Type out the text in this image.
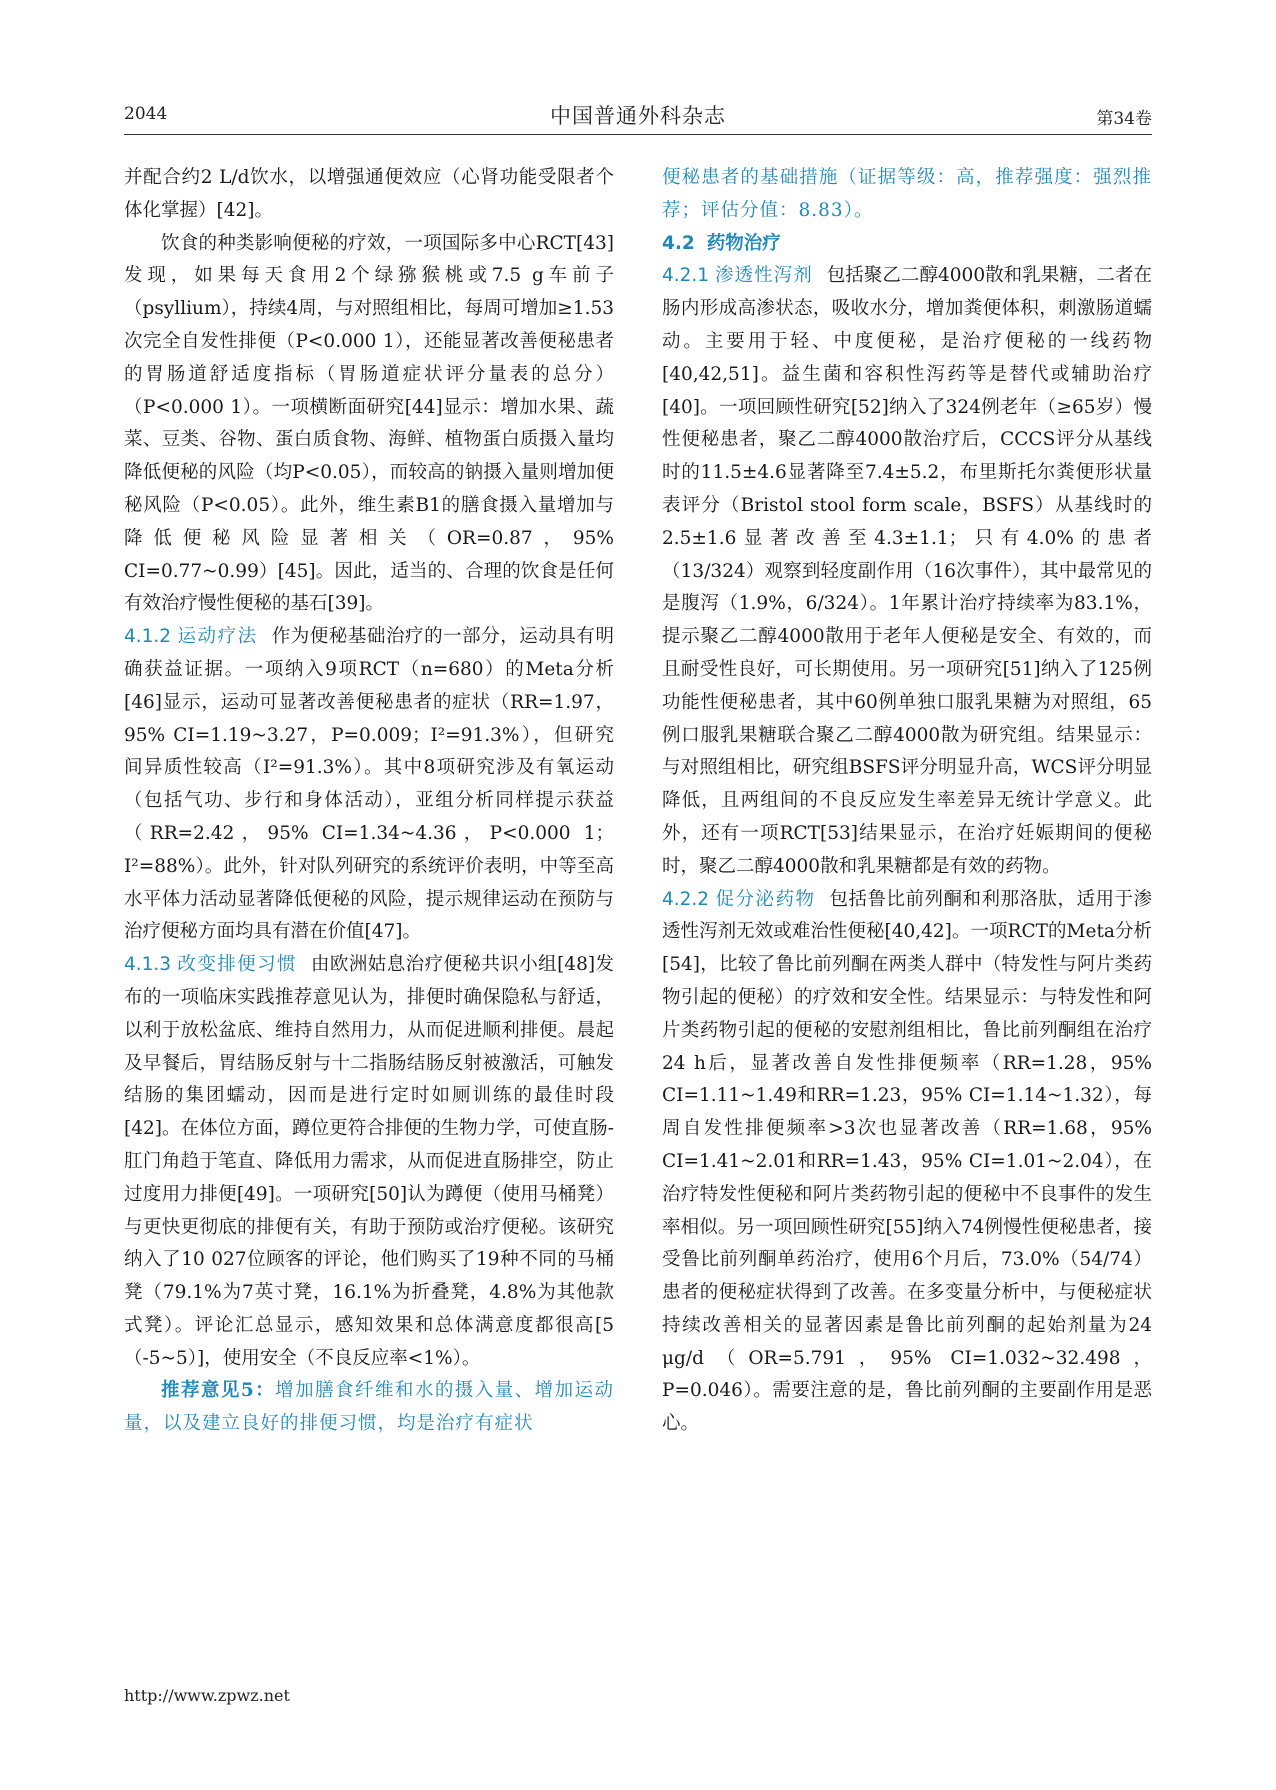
2044	中国普通外科杂志	第34卷

并配合约2 L/d饮水，以增强通便效应（心肾功能受限者个体化掌握）[42]。

饮食的种类影响便秘的疗效，一项国际多中心RCT[43]发现，如果每天食用2个绿猕猴桃或7.5 g车前子（psyllium），持续4周，与对照组相比，每周可增加≥1.53次完全自发性排便（P<0.000 1），还能显著改善便秘患者的胃肠道舒适度指标（胃肠道症状评分量表的总分）（P<0.000 1）。一项横断面研究[44]显示：增加水果、蔬菜、豆类、谷物、蛋白质食物、海鲜、植物蛋白质摄入量均降低便秘的风险（均P<0.05），而较高的钠摄入量则增加便秘风险（P<0.05）。此外，维生素B1的膳食摄入量增加与降低便秘风险显著相关（OR=0.87，95% CI=0.77~0.99）[45]。因此，适当的、合理的饮食是任何有效治疗慢性便秘的基石[39]。

4.1.2 运动疗法 作为便秘基础治疗的一部分，运动具有明确获益证据。一项纳入9项RCT（n=680）的Meta分析[46]显示，运动可显著改善便秘患者的症状（RR=1.97，95% CI=1.19~3.27，P=0.009；I²=91.3%），但研究间异质性较高（I²=91.3%）。其中8项研究涉及有氧运动（包括气功、步行和身体活动），亚组分析同样提示获益（RR=2.42，95% CI=1.34~4.36，P<0.000 1；I²=88%）。此外，针对队列研究的系统评价表明，中等至高水平体力活动显著降低便秘的风险，提示规律运动在预防与治疗便秘方面均具有潜在价值[47]。

4.1.3 改变排便习惯 由欧洲姑息治疗便秘共识小组[48]发布的一项临床实践推荐意见认为，排便时确保隐私与舒适，以利于放松盆底、维持自然用力，从而促进顺利排便。晨起及早餐后，胃结肠反射与十二指肠结肠反射被激活，可触发结肠的集团蠕动，因而是进行定时如厕训练的最佳时段[42]。在体位方面，蹲位更符合排便的生物力学，可使直肠-肛门角趋于笔直、降低用力需求，从而促进直肠排空，防止过度用力排便[49]。一项研究[50]认为蹲便（使用马桶凳）与更快更彻底的排便有关，有助于预防或治疗便秘。该研究纳入了10 027位顾客的评论，他们购买了19种不同的马桶凳（79.1%为7英寸凳，16.1%为折叠凳，4.8%为其他款式凳）。评论汇总显示，感知效果和总体满意度都很高[5（-5~5）]，使用安全（不良反应率<1%）。

推荐意见5：增加膳食纤维和水的摄入量、增加运动量，以及建立良好的排便习惯，均是治疗有症状

便秘患者的基础措施（证据等级：高，推荐强度：强烈推荐；评估分值：8.83）。

4.2 药物治疗

4.2.1 渗透性泻剂 包括聚乙二醇4000散和乳果糖，二者在肠内形成高渗状态，吸收水分，增加粪便体积，刺激肠道蠕动。主要用于轻、中度便秘，是治疗便秘的一线药物[40,42,51]。益生菌和容积性泻药等是替代或辅助治疗[40]。一项回顾性研究[52]纳入了324例老年（≥65岁）慢性便秘患者，聚乙二醇4000散治疗后，CCCS评分从基线时的11.5±4.6显著降至7.4±5.2，布里斯托尔粪便形状量表评分（Bristol stool form scale，BSFS）从基线时的2.5±1.6显著改善至4.3±1.1；只有4.0%的患者（13/324）观察到轻度副作用（16次事件），其中最常见的是腹泻（1.9%，6/324）。1年累计治疗持续率为83.1%，提示聚乙二醇4000散用于老年人便秘是安全、有效的，而且耐受性良好，可长期使用。另一项研究[51]纳入了125例功能性便秘患者，其中60例单独口服乳果糖为对照组，65例口服乳果糖联合聚乙二醇4000散为研究组。结果显示：与对照组相比，研究组BSFS评分明显升高，WCS评分明显降低，且两组间的不良反应发生率差异无统计学意义。此外，还有一项RCT[53]结果显示，在治疗妊娠期间的便秘时，聚乙二醇4000散和乳果糖都是有效的药物。

4.2.2 促分泌药物 包括鲁比前列酮和利那洛肽，适用于渗透性泻剂无效或难治性便秘[40,42]。一项RCT的Meta分析[54]，比较了鲁比前列酮在两类人群中（特发性与阿片类药物引起的便秘）的疗效和安全性。结果显示：与特发性和阿片类药物引起的便秘的安慰剂组相比，鲁比前列酮组在治疗24 h后，显著改善自发性排便频率（RR=1.28，95% CI=1.11~1.49和RR=1.23，95% CI=1.14~1.32），每周自发性排便频率>3次也显著改善（RR=1.68，95% CI=1.41~2.01和RR=1.43，95% CI=1.01~2.04），在治疗特发性便秘和阿片类药物引起的便秘中不良事件的发生率相似。另一项回顾性研究[55]纳入74例慢性便秘患者，接受鲁比前列酮单药治疗，使用6个月后，73.0%（54/74）患者的便秘症状得到了改善。在多变量分析中，与便秘症状持续改善相关的显著因素是鲁比前列酮的起始剂量为24 μg/d（OR=5.791，95% CI=1.032~32.498，P=0.046）。需要注意的是，鲁比前列酮的主要副作用是恶心。

http://www.zpwz.net
